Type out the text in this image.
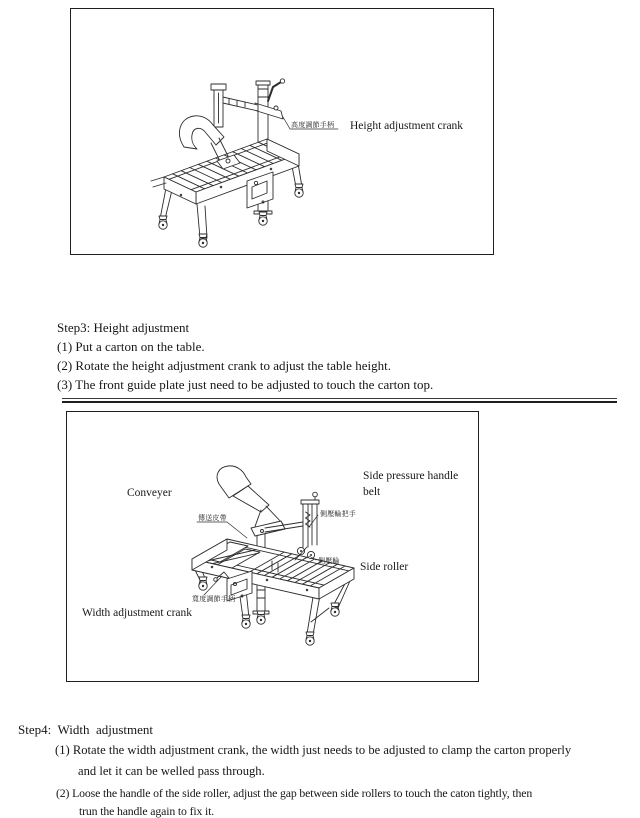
高度調節手柄 Height adjustment crank
Step3: Height adjustment
(1) Put a carton on the table.
(2) Rotate the height adjustment crank to adjust the table height.
(3) The front guide plate just need to be adjusted to touch the carton top.
Conveyer
Side pressure handle
belt
傳送皮帶	側壓輪把手
側壓輪 Side roller
寬度調節手柄
Width adjustment crank
Step4:  Width  adjustment
(1) Rotate the width adjustment crank, the width just needs to be adjusted to clamp the carton properly
and let it can be welled pass through.
(2) Loose the handle of the side roller, adjust the gap between side rollers to touch the caton tightly, then
trun the handle again to fix it.
